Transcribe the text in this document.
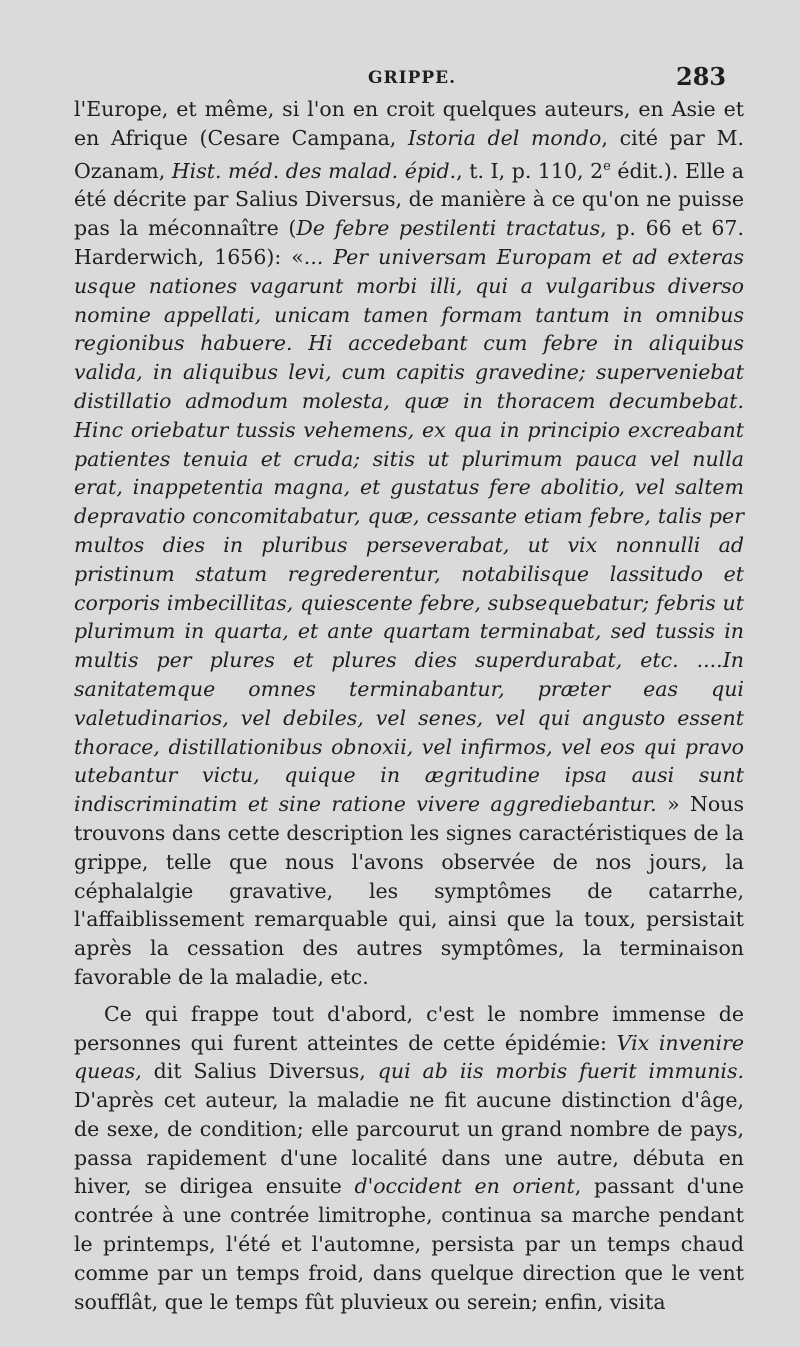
GRIPPE.	283

l'Europe, et même, si l'on en croit quelques auteurs, en Asie et en Afrique (Cesare Campana, Istoria del mondo, cité par M. Ozanam, Hist. méd. des malad. épid., t. I, p. 110, 2e édit.). Elle a été décrite par Salius Diversus, de manière à ce qu'on ne puisse pas la méconnaître (De febre pestilenti tractatus, p. 66 et 67. Harderwich, 1656): «... Per universam Europam et ad exteras usque nationes vagarunt morbi illi, qui a vulgaribus diverso nomine appellati, unicam tamen formam tantum in omnibus regionibus habuere. Hi accedebant cum febre in aliquibus valida, in aliquibus levi, cum capitis gravedine; superveniebat distillatio admodum molesta, quæ in thoracem decumbebat. Hinc oriebatur tussis vehemens, ex qua in principio excreabant patientes tenuia et cruda; sitis ut plurimum pauca vel nulla erat, inappetentia magna, et gustatus fere abolitio, vel saltem depravatio concomitabatur, quæ, cessante etiam febre, talis per multos dies in pluribus perseverabat, ut vix nonnulli ad pristinum statum regrederentur, notabilisque lassitudo et corporis imbecillitas, quiescente febre, subsequebatur; febris ut plurimum in quarta, et ante quartam terminabat, sed tussis in multis per plures et plures dies superdurabat, etc. ....In sanitatemque omnes terminabantur, præter eas qui valetudinarios, vel debiles, vel senes, vel qui angusto essent thorace, distillationibus obnoxii, vel infirmos, vel eos qui pravo utebantur victu, quique in ægritudine ipsa ausi sunt indiscriminatim et sine ratione vivere aggrediebantur. » Nous trouvons dans cette description les signes caractéristiques de la grippe, telle que nous l'avons observée de nos jours, la céphalalgie gravative, les symptômes de catarrhe, l'affaiblissement remarquable qui, ainsi que la toux, persistait après la cessation des autres symptômes, la terminaison favorable de la maladie, etc.

Ce qui frappe tout d'abord, c'est le nombre immense de personnes qui furent atteintes de cette épidémie: Vix invenire queas, dit Salius Diversus, qui ab iis morbis fuerit immunis. D'après cet auteur, la maladie ne fit aucune distinction d'âge, de sexe, de condition; elle parcourut un grand nombre de pays, passa rapidement d'une localité dans une autre, débuta en hiver, se dirigea ensuite d'occident en orient, passant d'une contrée à une contrée limitrophe, continua sa marche pendant le printemps, l'été et l'automne, persista par un temps chaud comme par un temps froid, dans quelque direction que le vent soufflât, que le temps fût pluvieux ou serein; enfin, visita
